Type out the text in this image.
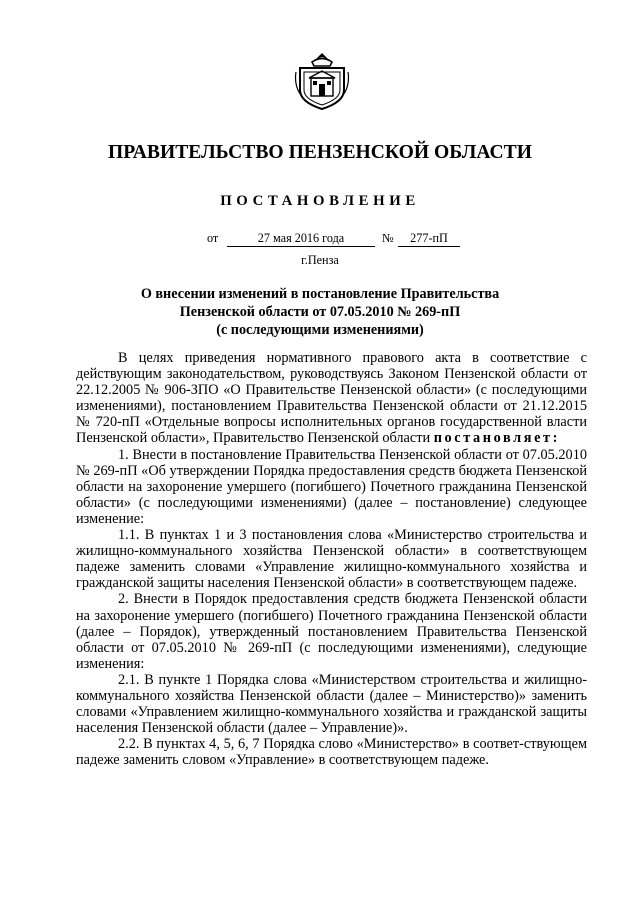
ПРАВИТЕЛЬСТВО ПЕНЗЕНСКОЙ ОБЛАСТИ
ПОСТАНОВЛЕНИЕ
от	27 мая 2016 года	№	277-пП
г.Пенза
О внесении изменений в постановление Правительства
Пензенской области от 07.05.2010 № 269-пП
(с последующими изменениями)

В целях приведения нормативного правового акта в соответствие с действующим законодательством, руководствуясь Законом Пензенской области от 22.12.2005 № 906-ЗПО «О Правительстве Пензенской области» (с последующими изменениями), постановлением Правительства Пензенской области от 21.12.2015 № 720-пП «Отдельные вопросы исполнительных органов государственной власти Пензенской области», Правительство Пензенской области постановляет:

1. Внести в постановление Правительства Пензенской области от 07.05.2010 № 269-пП «Об утверждении Порядка предоставления средств бюджета Пензенской области на захоронение умершего (погибшего) Почетного гражданина Пензенской области» (с последующими изменениями) (далее – постановление) следующее изменение:

1.1. В пунктах 1 и 3 постановления слова «Министерство строительства и жилищно-коммунального хозяйства Пензенской области» в соответствующем падеже заменить словами «Управление жилищно-коммунального хозяйства и гражданской защиты населения Пензенской области» в соответствующем падеже.

2. Внести в Порядок предоставления средств бюджета Пензенской области на захоронение умершего (погибшего) Почетного гражданина Пензенской области (далее – Порядок), утвержденный постановлением Правительства Пензенской области от 07.05.2010 № 269-пП (с последующими изменениями), следующие изменения:

2.1. В пункте 1 Порядка слова «Министерством строительства и жилищно-коммунального хозяйства Пензенской области (далее – Министерство)» заменить словами «Управлением жилищно-коммунального хозяйства и гражданской защиты населения Пензенской области (далее – Управление)».

2.2. В пунктах 4, 5, 6, 7 Порядка слово «Министерство» в соответ-ствующем падеже заменить словом «Управление» в соответствующем падеже.
